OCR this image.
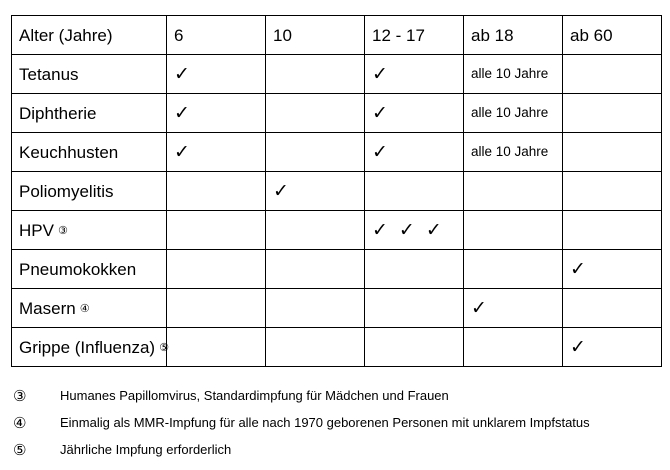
Alter (Jahre)	6	10	12 - 17	ab 18	ab 60
Tetanus	✓		✓	alle 10 Jahre	
Diphtherie	✓		✓	alle 10 Jahre	
Keuchhusten	✓		✓	alle 10 Jahre	
Poliomyelitis		✓			
HPV ③			✓ ✓ ✓		
Pneumokokken					✓
Masern ④				✓	
Grippe (Influenza) ⑤					✓
③	Humanes Papillomvirus, Standardimpfung für Mädchen und Frauen
④	Einmalig als MMR-Impfung für alle nach 1970 geborenen Personen mit unklarem Impfstatus
⑤	Jährliche Impfung erforderlich
